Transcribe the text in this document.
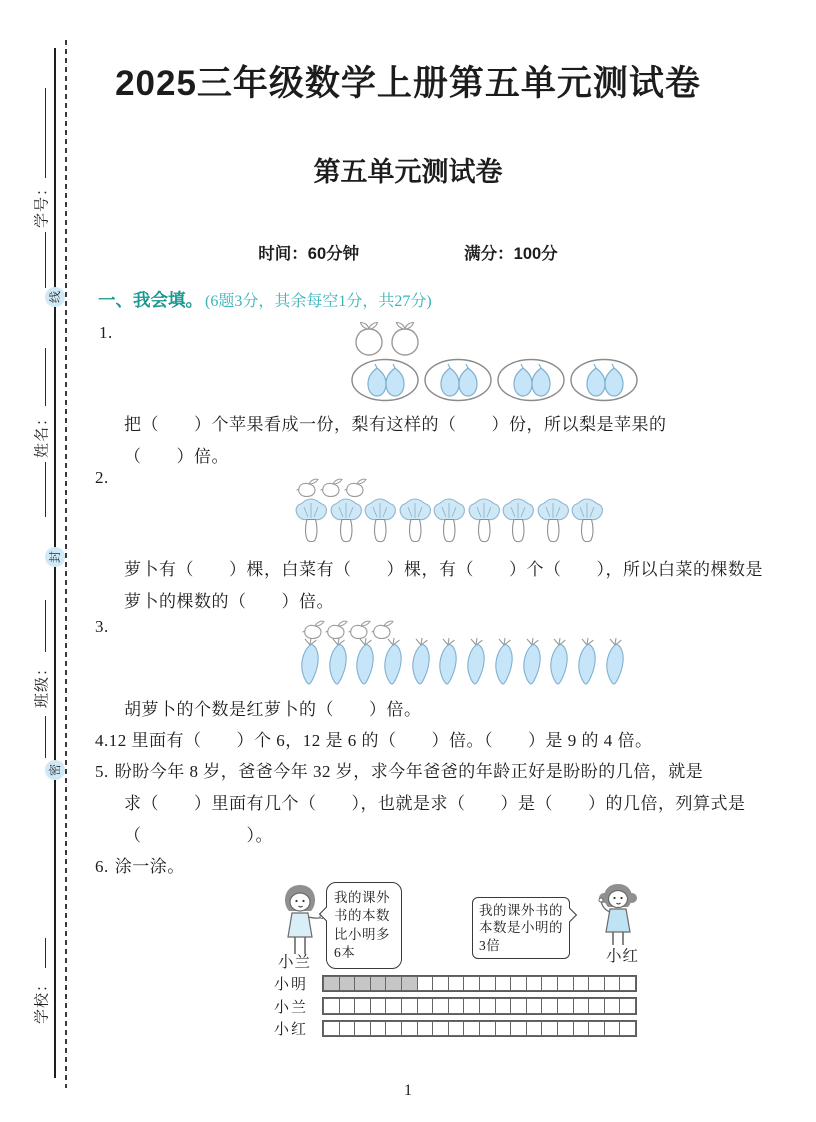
学号：
姓名：
班级：
学校：
线
封
密
2025三年级数学上册第五单元测试卷
第五单元测试卷
时间：60分钟	满分：100分
一、我会填。 (6题3分，其余每空1分，共27分)
1.
把（　　）个苹果看成一份，梨有这样的（　　）份，所以梨是苹果的
（　　）倍。
2.
萝卜有（　　）棵，白菜有（　　）棵，有（　　）个（　　），所以白菜的棵数是
萝卜的棵数的（　　）倍。
3.
胡萝卜的个数是红萝卜的（　　）倍。
4.12 里面有（　　）个 6，12 是 6 的（　　）倍。（　　）是 9 的 4 倍。
5. 盼盼今年 8 岁，爸爸今年 32 岁，求今年爸爸的年龄正好是盼盼的几倍，就是
求（　　）里面有几个（　　），也就是求（　　）是（　　）的几倍，列算式是
（　　　　　　）。
6. 涂一涂。
我的课外书的本数比小明多6本
我的课外书的本数是小明的3倍
小兰	小红
小明
小兰
小红
1
